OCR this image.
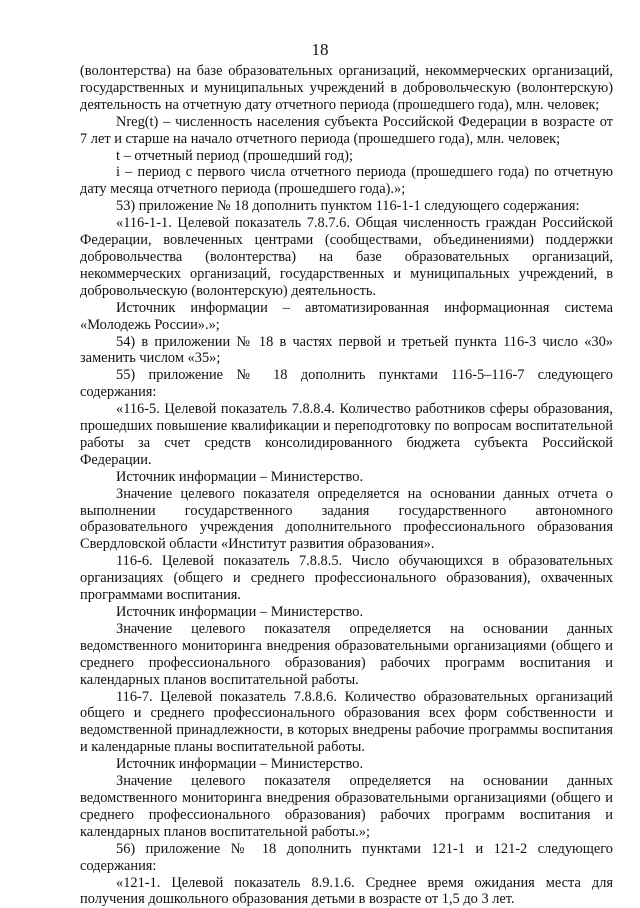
18

(волонтерства) на базе образовательных организаций, некоммерческих организаций, государственных и муниципальных учреждений в добровольческую (волонтерскую) деятельность на отчетную дату отчетного периода (прошедшего года), млн. человек;

Nreg(t) – численность населения субъекта Российской Федерации в возрасте от 7 лет и старше на начало отчетного периода (прошедшего года), млн. человек;

t – отчетный период (прошедший год);

i – период с первого числа отчетного периода (прошедшего года) по отчетную дату месяца отчетного периода (прошедшего года).»;

53) приложение № 18 дополнить пунктом 116-1-1 следующего содержания:

«116-1-1. Целевой показатель 7.8.7.6. Общая численность граждан Российской Федерации, вовлеченных центрами (сообществами, объединениями) поддержки добровольчества (волонтерства) на базе образовательных организаций, некоммерческих организаций, государственных и муниципальных учреждений, в добровольческую (волонтерскую) деятельность.

Источник информации – автоматизированная информационная система «Молодежь России».»;

54) в приложении № 18 в частях первой и третьей пункта 116-3 число «30» заменить числом «35»;

55) приложение № 18 дополнить пунктами 116-5–116-7 следующего содержания:

«116-5. Целевой показатель 7.8.8.4. Количество работников сферы образования, прошедших повышение квалификации и переподготовку по вопросам воспитательной работы за счет средств консолидированного бюджета субъекта Российской Федерации.

Источник информации – Министерство.

Значение целевого показателя определяется на основании данных отчета о выполнении государственного задания государственного автономного образовательного учреждения дополнительного профессионального образования Свердловской области «Институт развития образования».

116-6. Целевой показатель 7.8.8.5. Число обучающихся в образовательных организациях (общего и среднего профессионального образования), охваченных программами воспитания.

Источник информации – Министерство.

Значение целевого показателя определяется на основании данных ведомственного мониторинга внедрения образовательными организациями (общего и среднего профессионального образования) рабочих программ воспитания и календарных планов воспитательной работы.

116-7. Целевой показатель 7.8.8.6. Количество образовательных организаций общего и среднего профессионального образования всех форм собственности и ведомственной принадлежности, в которых внедрены рабочие программы воспитания и календарные планы воспитательной работы.

Источник информации – Министерство.

Значение целевого показателя определяется на основании данных ведомственного мониторинга внедрения образовательными организациями (общего и среднего профессионального образования) рабочих программ воспитания и календарных планов воспитательной работы.»;

56) приложение № 18 дополнить пунктами 121-1 и 121-2 следующего содержания:

«121-1. Целевой показатель 8.9.1.6. Среднее время ожидания места для получения дошкольного образования детьми в возрасте от 1,5 до 3 лет.
